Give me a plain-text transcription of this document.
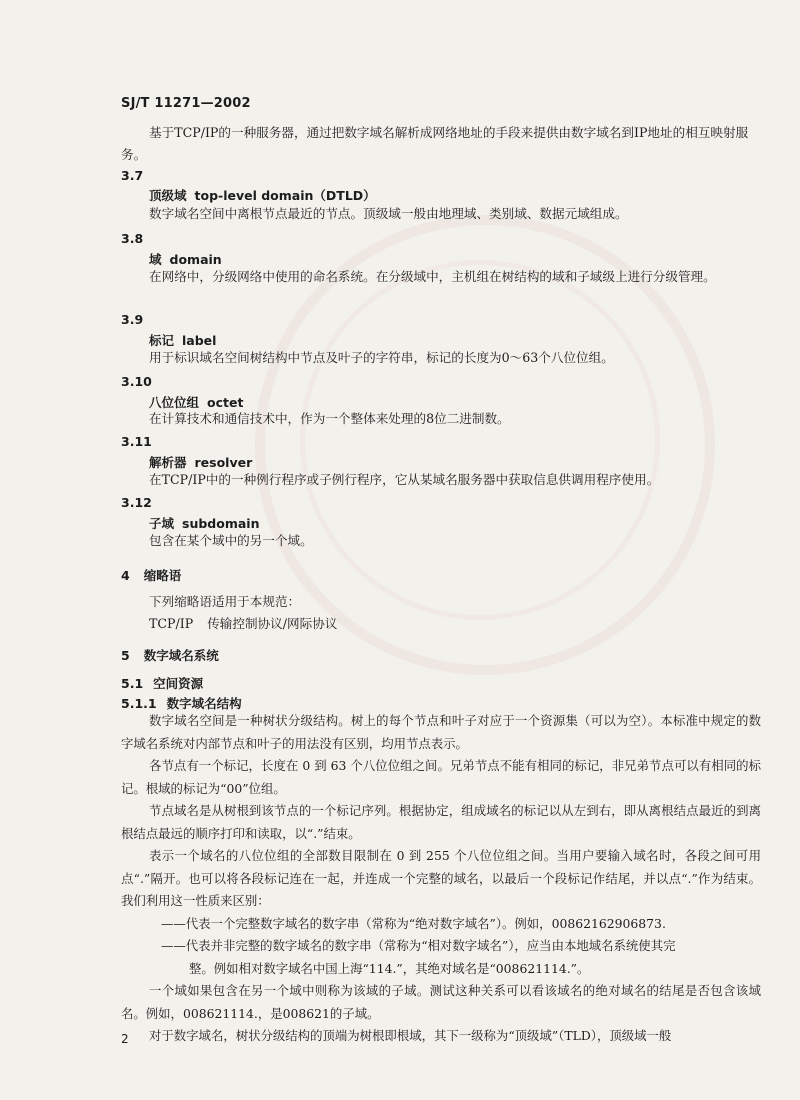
SJ/T 11271—2002
基于TCP/IP的一种服务器，通过把数字域名解析成网络地址的手段来提供由数字域名到IP地址的相互映射服务。
3.7
顶级域 top-level domain（DTLD）
数字域名空间中离根节点最近的节点。顶级域一般由地理域、类别域、数据元域组成。
3.8
域 domain
在网络中，分级网络中使用的命名系统。在分级域中，主机组在树结构的域和子域级上进行分级管理。
3.9
标记 label
用于标识域名空间树结构中节点及叶子的字符串，标记的长度为0～63个八位位组。
3.10
八位位组 octet
在计算技术和通信技术中，作为一个整体来处理的8位二进制数。
3.11
解析器 resolver
在TCP/IP中的一种例行程序或子例行程序，它从某域名服务器中获取信息供调用程序使用。
3.12
子域 subdomain
包含在某个域中的另一个域。
4 缩略语
下列缩略语适用于本规范：
TCP/IP 传输控制协议/网际协议
5 数字域名系统
5.1 空间资源
5.1.1 数字域名结构

数字域名空间是一种树状分级结构。树上的每个节点和叶子对应于一个资源集（可以为空）。本标准中规定的数字域名系统对内部节点和叶子的用法没有区别，均用节点表示。

各节点有一个标记，长度在 0 到 63 个八位位组之间。兄弟节点不能有相同的标记，非兄弟节点可以有相同的标记。根域的标记为“00”位组。

节点域名是从树根到该节点的一个标记序列。根据协定，组成域名的标记以从左到右，即从离根结点最近的到离根结点最远的顺序打印和读取，以“.”结束。

表示一个域名的八位位组的全部数目限制在 0 到 255 个八位位组之间。当用户要输入域名时，各段之间可用点“.”隔开。也可以将各段标记连在一起，并连成一个完整的域名，以最后一个段标记作结尾，并以点“.”作为结束。我们利用这一性质来区别：

——代表一个完整数字域名的数字串（常称为“绝对数字域名”）。例如，00862162906873.

——代表并非完整的数字域名的数字串（常称为“相对数字域名”），应当由本地域名系统使其完

整。例如相对数字域名中国上海“114.”，其绝对域名是“008621114.”。

一个域如果包含在另一个域中则称为该域的子域。测试这种关系可以看该域名的绝对域名的结尾是否包含该域名。例如，008621114.，是008621的子域。

对于数字域名，树状分级结构的顶端为树根即根域，其下一级称为“顶级域”（TLD），顶级域一般

2
